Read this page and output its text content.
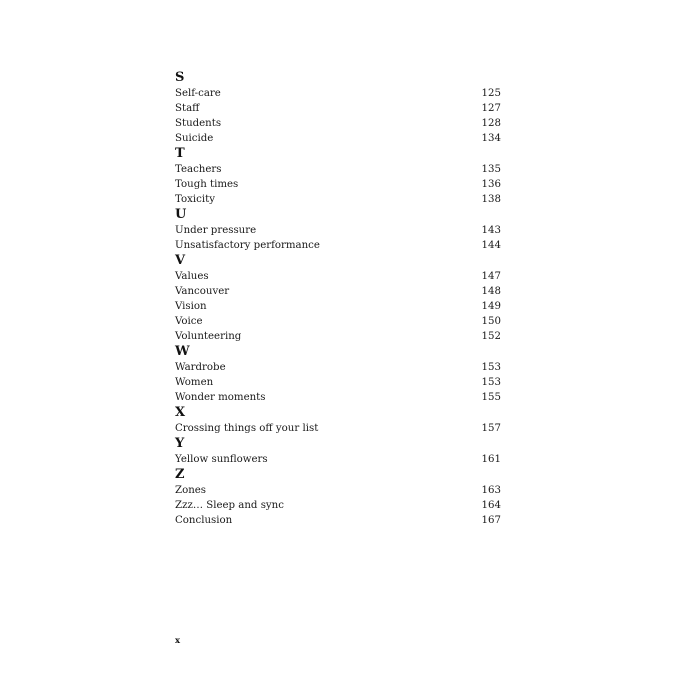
S
Self-care	125
Staff	127
Students	128
Suicide	134
T
Teachers	135
Tough times	136
Toxicity	138
U
Under pressure	143
Unsatisfactory performance	144
V
Values	147
Vancouver	148
Vision	149
Voice	150
Volunteering	152
W
Wardrobe	153
Women	153
Wonder moments	155
X
Crossing things off your list	157
Y
Yellow sunflowers	161
Z
Zones	163
Zzz… Sleep and sync	164
Conclusion	167
x
